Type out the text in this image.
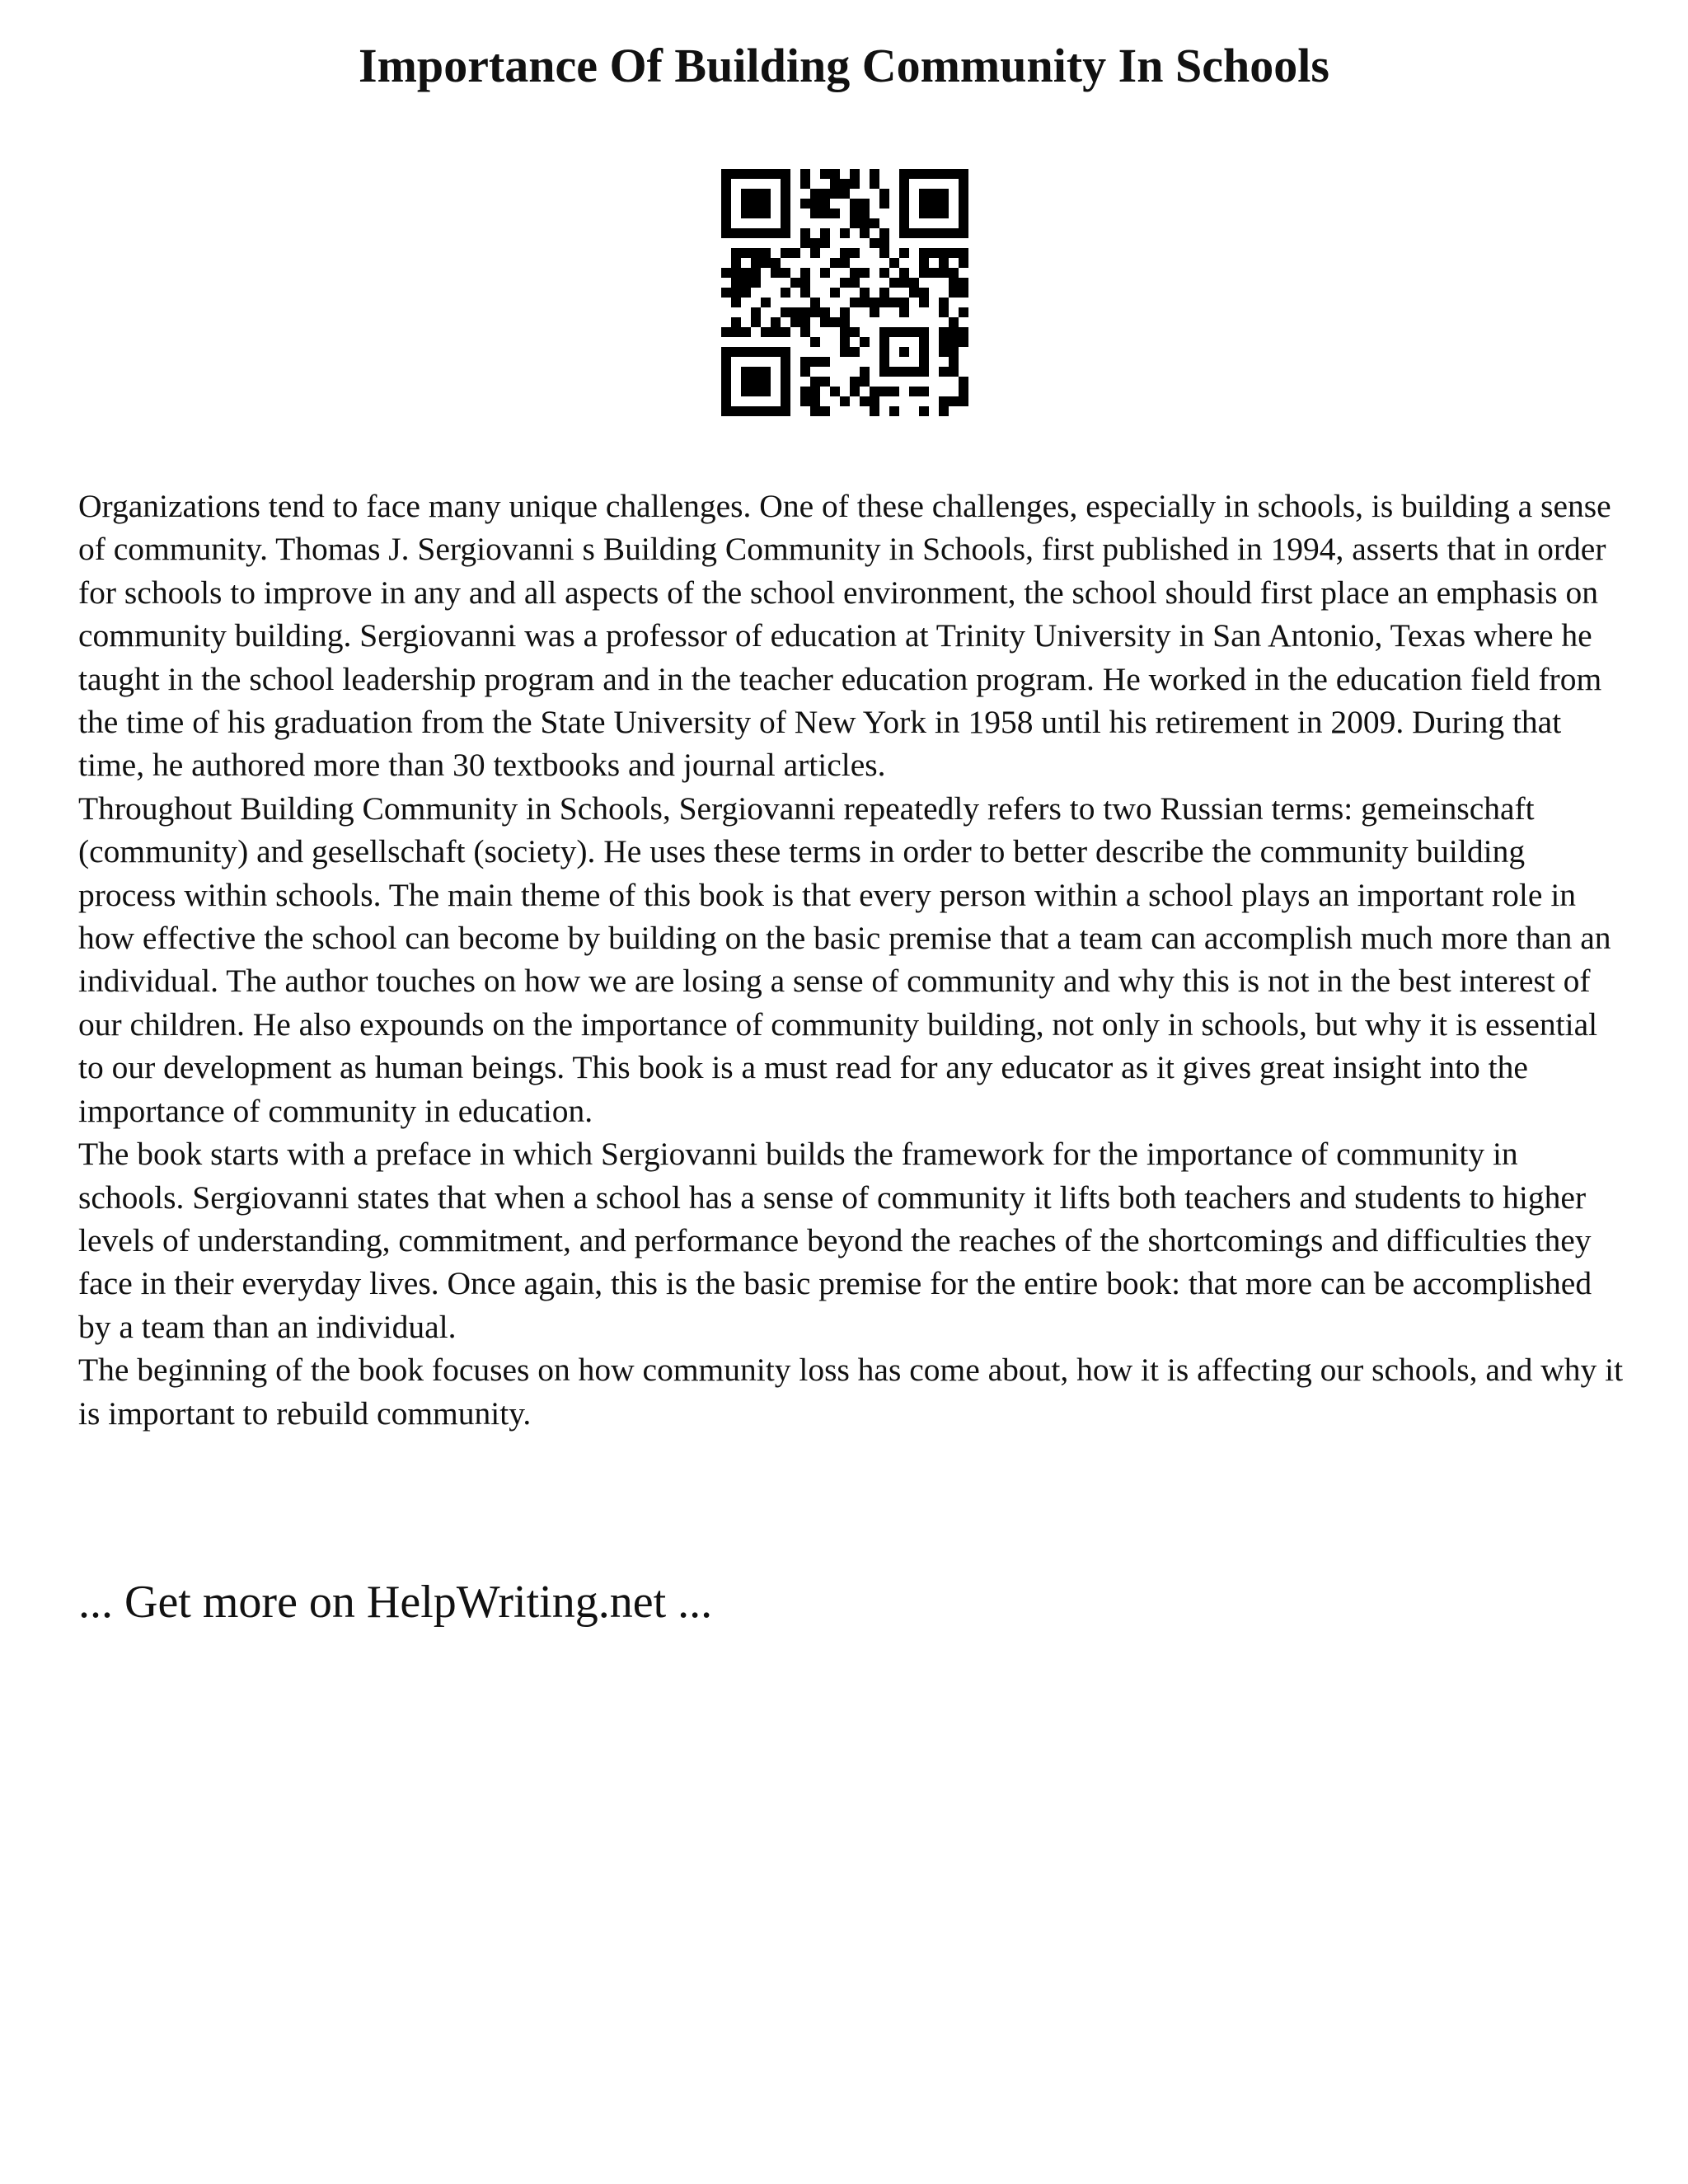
Importance Of Building Community In Schools

Organizations tend to face many unique challenges. One of these challenges, especially in schools, is building a sense of community. Thomas J. Sergiovanni s Building Community in Schools, first published in 1994, asserts that in order for schools to improve in any and all aspects of the school environment, the school should first place an emphasis on community building. Sergiovanni was a professor of education at Trinity University in San Antonio, Texas where he taught in the school leadership program and in the teacher education program. He worked in the education field from the time of his graduation from the State University of New York in 1958 until his retirement in 2009. During that time, he authored more than 30 textbooks and journal articles.

Throughout Building Community in Schools, Sergiovanni repeatedly refers to two Russian terms: gemeinschaft (community) and gesellschaft (society). He uses these terms in order to better describe the community building process within schools. The main theme of this book is that every person within a school plays an important role in how effective the school can become by building on the basic premise that a team can accomplish much more than an individual. The author touches on how we are losing a sense of community and why this is not in the best interest of our children. He also expounds on the importance of community building, not only in schools, but why it is essential to our development as human beings. This book is a must read for any educator as it gives great insight into the importance of community in education.

The book starts with a preface in which Sergiovanni builds the framework for the importance of community in schools. Sergiovanni states that when a school has a sense of community it lifts both teachers and students to higher levels of understanding, commitment, and performance beyond the reaches of the shortcomings and difficulties they face in their everyday lives. Once again, this is the basic premise for the entire book: that more can be accomplished by a team than an individual.

The beginning of the book focuses on how community loss has come about, how it is affecting our schools, and why it is important to rebuild community.

... Get more on HelpWriting.net ...
